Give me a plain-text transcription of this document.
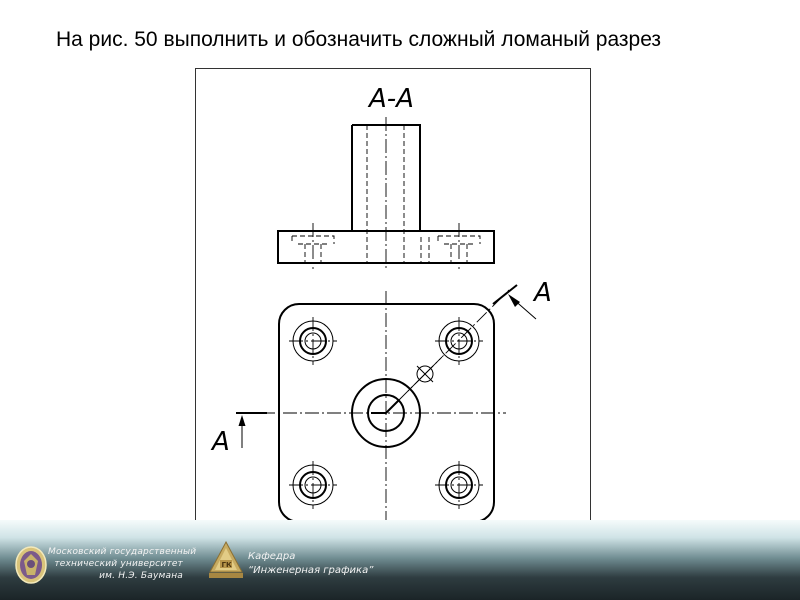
На рис. 50 выполнить и обозначить сложный ломаный разрез
А-А
А
А
Московский государственный
технический университет
им. Н.Э. Баумана
ГК
Кафедра
“Инженерная графика”
